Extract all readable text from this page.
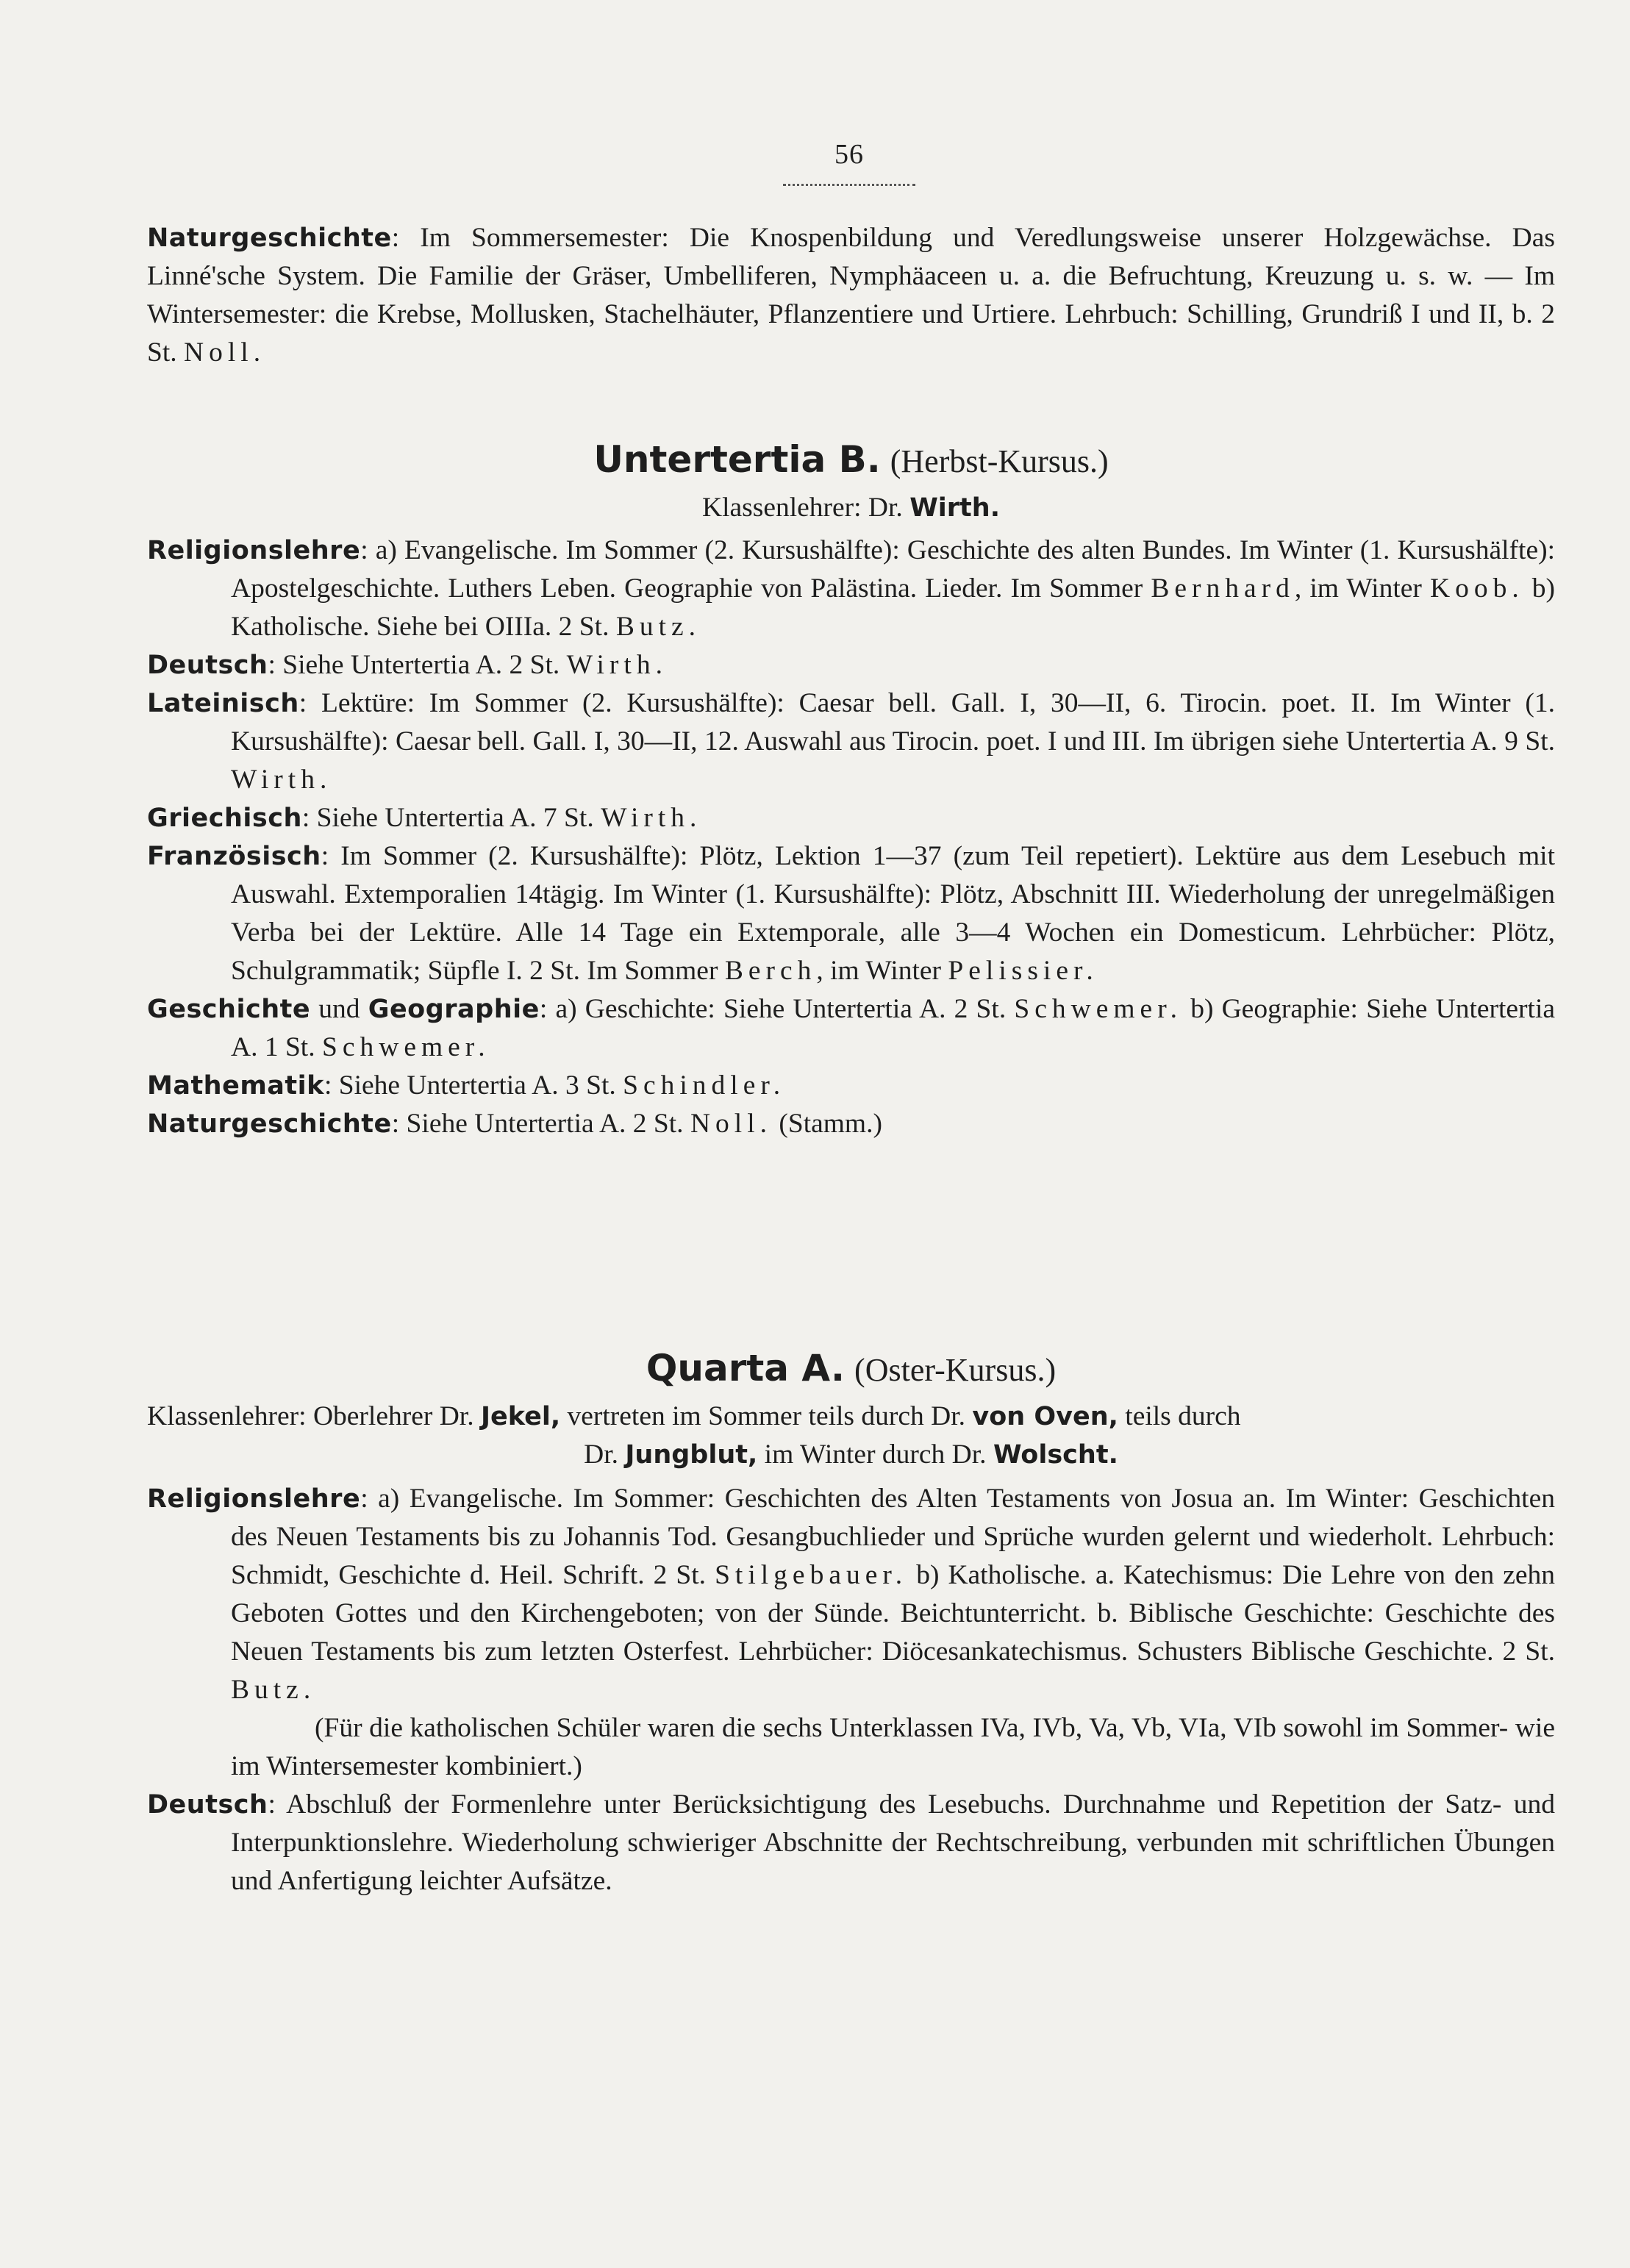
56

Naturgeschichte: Im Sommersemester: Die Knospenbildung und Veredlungsweise unserer Holzgewächse. Das Linné'sche System. Die Familie der Gräser, Umbelliferen, Nymphäaceen u. a. die Befruchtung, Kreuzung u. s. w. — Im Wintersemester: die Krebse, Mollusken, Stachelhäuter, Pflanzentiere und Urtiere. Lehrbuch: Schilling, Grundriß I und II, b. 2 St. Noll.

Untertertia B. (Herbst-Kursus.)

Klassenlehrer: Dr. Wirth.

Religionslehre: a) Evangelische. Im Sommer (2. Kursushälfte): Geschichte des alten Bundes. Im Winter (1. Kursushälfte): Apostelgeschichte. Luthers Leben. Geographie von Palästina. Lieder. Im Sommer Bernhard, im Winter Koob. b) Katholische. Siehe bei OIIIa. 2 St. Butz.

Deutsch: Siehe Untertertia A. 2 St. Wirth.

Lateinisch: Lektüre: Im Sommer (2. Kursushälfte): Caesar bell. Gall. I, 30—II, 6. Tirocin. poet. II. Im Winter (1. Kursushälfte): Caesar bell. Gall. I, 30—II, 12. Auswahl aus Tirocin. poet. I und III. Im übrigen siehe Untertertia A. 9 St. Wirth.

Griechisch: Siehe Untertertia A. 7 St. Wirth.

Französisch: Im Sommer (2. Kursushälfte): Plötz, Lektion 1—37 (zum Teil repetiert). Lektüre aus dem Lesebuch mit Auswahl. Extemporalien 14tägig. Im Winter (1. Kursushälfte): Plötz, Abschnitt III. Wiederholung der unregelmäßigen Verba bei der Lektüre. Alle 14 Tage ein Extemporale, alle 3—4 Wochen ein Domesticum. Lehrbücher: Plötz, Schulgrammatik; Süpfle I. 2 St. Im Sommer Berch, im Winter Pelissier.

Geschichte und Geographie: a) Geschichte: Siehe Untertertia A. 2 St. Schwemer. b) Geographie: Siehe Untertertia A. 1 St. Schwemer.

Mathematik: Siehe Untertertia A. 3 St. Schindler.

Naturgeschichte: Siehe Untertertia A. 2 St. Noll. (Stamm.)

Quarta A. (Oster-Kursus.)

Klassenlehrer: Oberlehrer Dr. Jekel, vertreten im Sommer teils durch Dr. von Oven, teils durch

Dr. Jungblut, im Winter durch Dr. Wolscht.

Religionslehre: a) Evangelische. Im Sommer: Geschichten des Alten Testaments von Josua an. Im Winter: Geschichten des Neuen Testaments bis zu Johannis Tod. Gesangbuchlieder und Sprüche wurden gelernt und wiederholt. Lehrbuch: Schmidt, Geschichte d. Heil. Schrift. 2 St. Stilgebauer. b) Katholische. a. Katechismus: Die Lehre von den zehn Geboten Gottes und den Kirchengeboten; von der Sünde. Beichtunterricht. b. Biblische Geschichte: Geschichte des Neuen Testaments bis zum letzten Osterfest. Lehrbücher: Diöcesankatechismus. Schusters Biblische Geschichte. 2 St. Butz.

(Für die katholischen Schüler waren die sechs Unterklassen IVa, IVb, Va, Vb, VIa, VIb sowohl im Sommer- wie im Wintersemester kombiniert.)

Deutsch: Abschluß der Formenlehre unter Berücksichtigung des Lesebuchs. Durchnahme und Repetition der Satz- und Interpunktionslehre. Wiederholung schwieriger Abschnitte der Rechtschreibung, verbunden mit schriftlichen Übungen und Anfertigung leichter Aufsätze.
